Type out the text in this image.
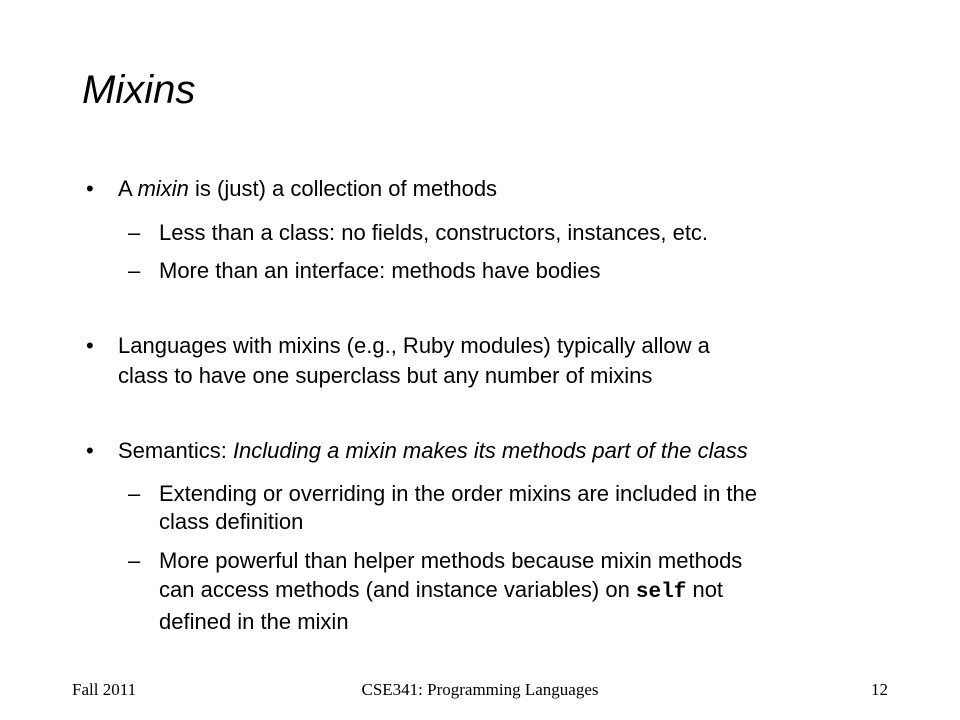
Mixins
• A mixin is (just) a collection of methods
– Less than a class: no fields, constructors, instances, etc.
– More than an interface: methods have bodies
• Languages with mixins (e.g., Ruby modules) typically allow a
class to have one superclass but any number of mixins
• Semantics: Including a mixin makes its methods part of the class
– Extending or overriding in the order mixins are included in the
class definition
– More powerful than helper methods because mixin methods
can access methods (and instance variables) on self not
defined in the mixin
Fall 2011	CSE341: Programming Languages	12
